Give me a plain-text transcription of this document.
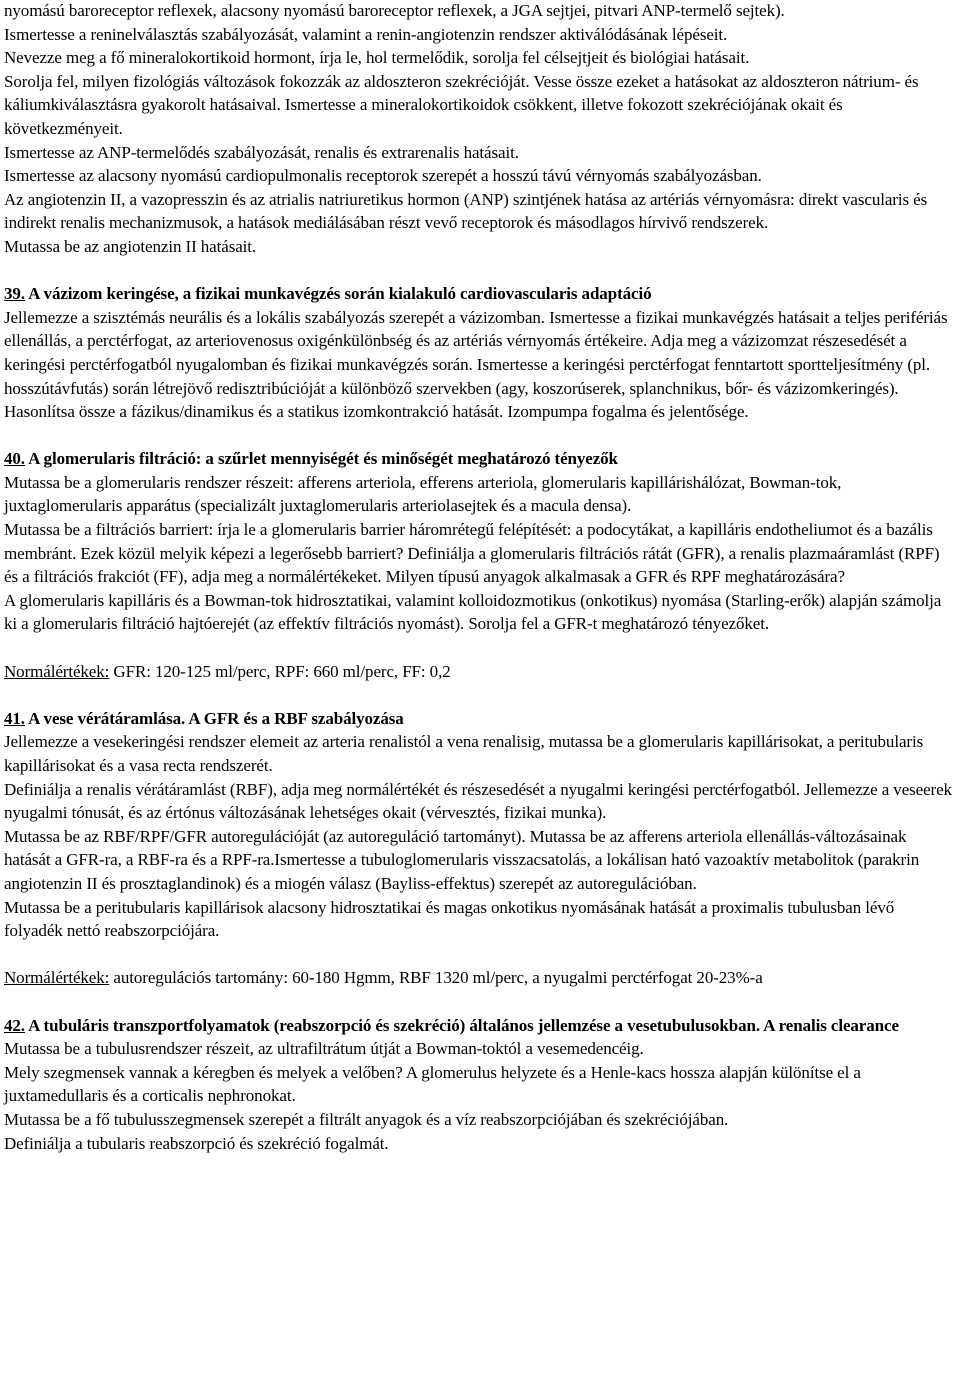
nyomású baroreceptor reflexek, alacsony nyomású baroreceptor reflexek, a JGA sejtjei, pitvari ANP-termelő sejtek).

Ismertesse a reninelválasztás szabályozását, valamint a renin-angiotenzin rendszer aktiválódásának lépéseit.

Nevezze meg a fő mineralokortikoid hormont, írja le, hol termelődik, sorolja fel célsejtjeit és biológiai hatásait.

Sorolja fel, milyen fizológiás változások fokozzák az aldoszteron szekrécióját. Vesse össze ezeket a hatásokat az aldoszteron nátrium- és káliumkiválasztásra gyakorolt hatásaival. Ismertesse a mineralokortikoidok csökkent, illetve fokozott szekréciójának okait és következményeit.

Ismertesse az ANP-termelődés szabályozását, renalis és extrarenalis hatásait.

Ismertesse az alacsony nyomású cardiopulmonalis receptorok szerepét a hosszú távú vérnyomás szabályozásban.

Az angiotenzin II, a vazopresszin és az atrialis natriuretikus hormon (ANP) szintjének hatása az artériás vérnyomásra: direkt vascularis és indirekt renalis mechanizmusok, a hatások mediálásában részt vevő receptorok és másodlagos hírvivő rendszerek.

Mutassa be az angiotenzin II hatásait.

39. A vázizom keringése, a fizikai munkavégzés során kialakuló cardiovascularis adaptáció

Jellemezze a szisztémás neurális és a lokális szabályozás szerepét a vázizomban. Ismertesse a fizikai munkavégzés hatásait a teljes perifériás ellenállás, a perctérfogat, az arteriovenosus oxigénkülönbség és az artériás vérnyomás értékeire. Adja meg a vázizomzat részesedését a keringési perctérfogatból nyugalomban és fizikai munkavégzés során. Ismertesse a keringési perctérfogat fenntartott sportteljesítmény (pl. hosszútávfutás) során létrejövő redisztribúcióját a különböző szervekben (agy, koszorúserek, splanchnikus, bőr- és vázizomkeringés).

Hasonlítsa össze a fázikus/dinamikus és a statikus izomkontrakció hatását. Izompumpa fogalma és jelentősége.

40. A glomerularis filtráció: a szűrlet mennyiségét és minőségét meghatározó tényezők

Mutassa be a glomerularis rendszer részeit: afferens arteriola, efferens arteriola, glomerularis kapillárishálózat, Bowman-tok, juxtaglomerularis apparátus (specializált juxtaglomerularis arteriolasejtek és a macula densa).

Mutassa be a filtrációs barriert: írja le a glomerularis barrier háromrétegű felépítését: a podocytákat, a kapilláris endotheliumot és a bazális membránt. Ezek közül melyik képezi a legerősebb barriert? Definiálja a glomerularis filtrációs rátát (GFR), a renalis plazmaáramlást (RPF) és a filtrációs frakciót (FF), adja meg a normálértékeket. Milyen típusú anyagok alkalmasak a GFR és RPF meghatározására?

A glomerularis kapilláris és a Bowman-tok hidrosztatikai, valamint kolloidozmotikus (onkotikus) nyomása (Starling-erők) alapján számolja ki a glomerularis filtráció hajtóerejét (az effektív filtrációs nyomást). Sorolja fel a GFR-t meghatározó tényezőket.

Normálértékek: GFR: 120-125 ml/perc, RPF: 660 ml/perc, FF: 0,2

41. A vese vérátáramlása. A GFR és a RBF szabályozása

Jellemezze a vesekeringési rendszer elemeit az arteria renalistól a vena renalisig, mutassa be a glomerularis kapillárisokat, a peritubularis kapillárisokat és a vasa recta rendszerét.

Definiálja a renalis vérátáramlást (RBF), adja meg normálértékét és részesedését a nyugalmi keringési perctérfogatból. Jellemezze a veseerek nyugalmi tónusát, és az értónus változásának lehetséges okait (vérvesztés, fizikai munka).

Mutassa be az RBF/RPF/GFR autoregulációját (az autoreguláció tartományt). Mutassa be az afferens arteriola ellenállás-változásainak hatását a GFR-ra, a RBF-ra és a RPF-ra.Ismertesse a tubuloglomerularis visszacsatolás, a lokálisan ható vazoaktív metabolitok (parakrin angiotenzin II és prosztaglandinok) és a miogén válasz (Bayliss-effektus) szerepét az autoregulációban.

Mutassa be a peritubularis kapillárisok alacsony hidrosztatikai és magas onkotikus nyomásának hatását a proximalis tubulusban lévő folyadék nettó reabszorpciójára.

Normálértékek: autoregulációs tartomány: 60-180 Hgmm, RBF 1320 ml/perc, a nyugalmi perctérfogat 20-23%-a

42. A tubuláris transzportfolyamatok (reabszorpció és szekréció) általános jellemzése a vesetubulusokban. A renalis clearance

Mutassa be a tubulusrendszer részeit, az ultrafiltrátum útját a Bowman-toktól a vesemedencéig.

Mely szegmensek vannak a kéregben és melyek a velőben? A glomerulus helyzete és a Henle-kacs hossza alapján különítse el a juxtamedullaris és a corticalis nephronokat.

Mutassa be a fő tubulusszegmensek szerepét a filtrált anyagok és a víz reabszorpciójában és szekréciójában.

Definiálja a tubularis reabszorpció és szekréció fogalmát.
